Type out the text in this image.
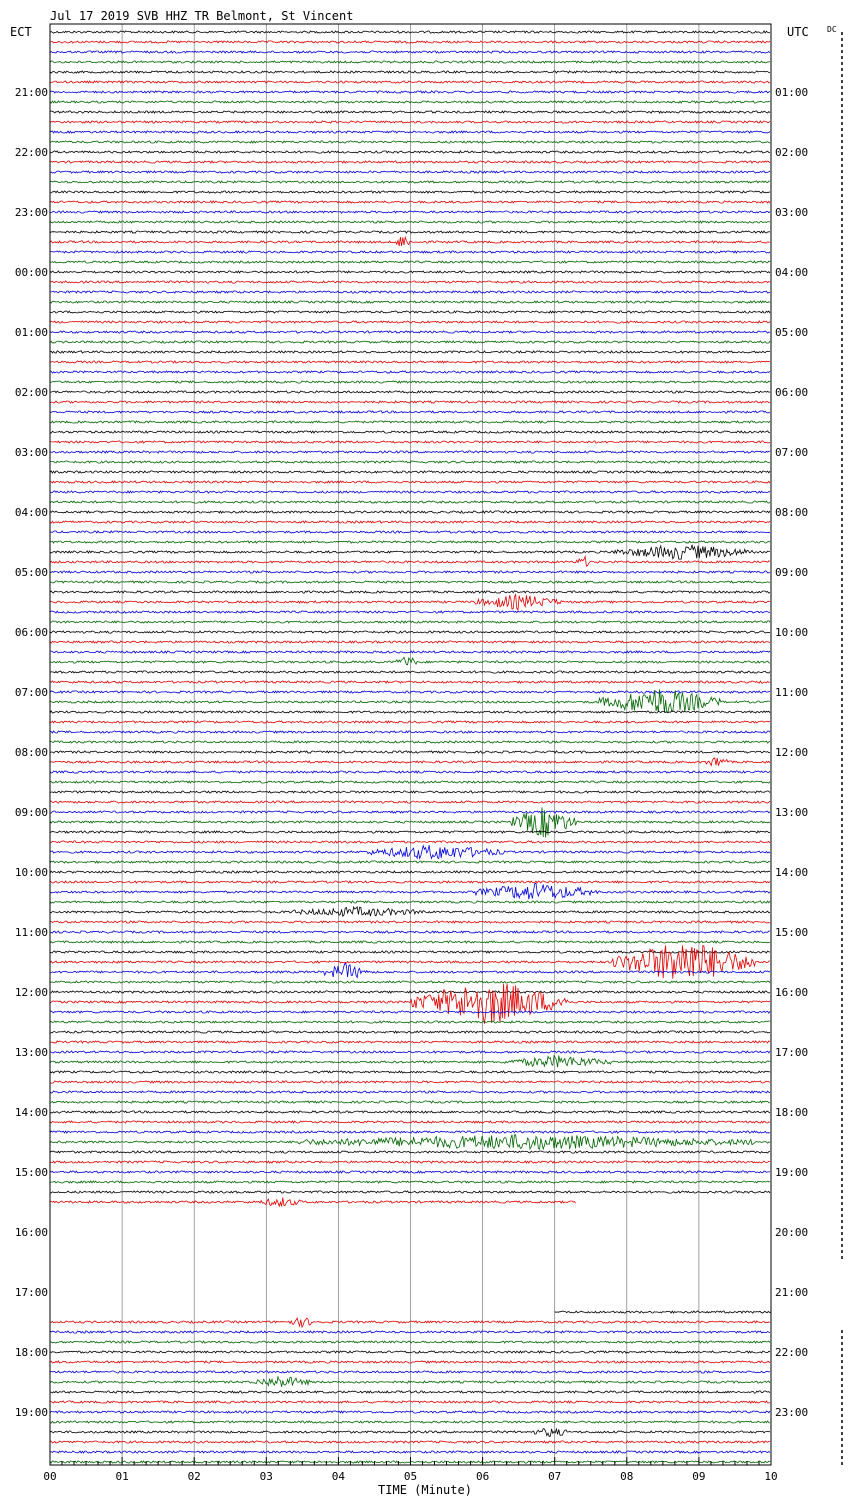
00	01	02	03	04	05	06	07	08	09	10
21:00
22:00
23:00
00:00
01:00
02:00
03:00
04:00
05:00
06:00
07:00
08:00
09:00
10:00
11:00
12:00
13:00
14:00
15:00
16:00
17:00
18:00
19:00
01:00
02:00
03:00
04:00
05:00
06:00
07:00
08:00
09:00
10:00
11:00
12:00
13:00
14:00
15:00
16:00
17:00
18:00
19:00
20:00
21:00
22:00
23:00
Jul 17 2019 SVB HHZ TR Belmont, St Vincent
ECT	UTC DC
TIME (Minute)
